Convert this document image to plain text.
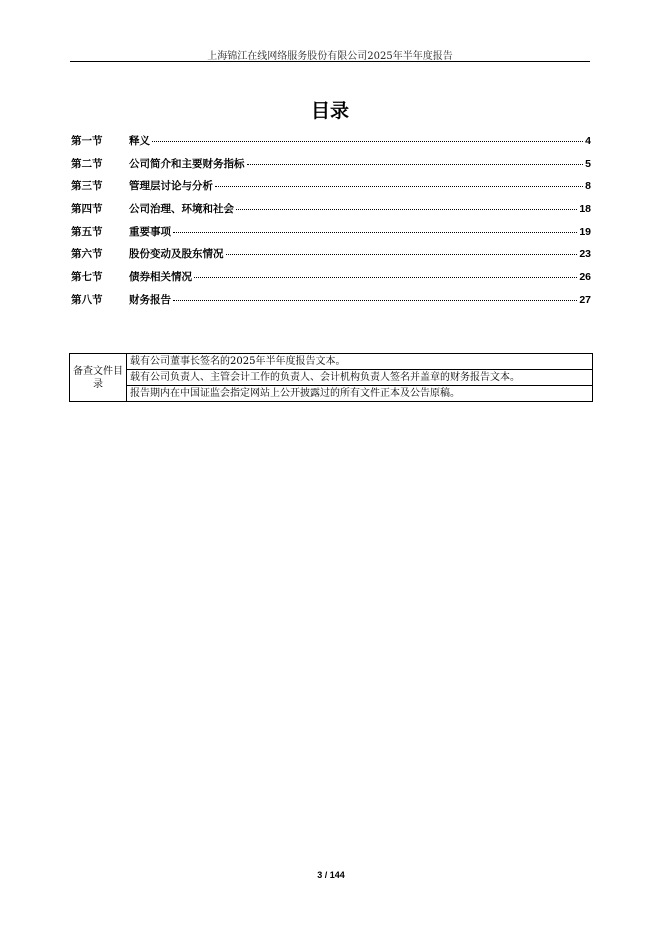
上海锦江在线网络服务股份有限公司2025年半年度报告
目录
第一节	释义	4
第二节	公司简介和主要财务指标	5
第三节	管理层讨论与分析	8
第四节	公司治理、环境和社会	18
第五节	重要事项	19
第六节	股份变动及股东情况	23
第七节	债券相关情况	26
第八节	财务报告	27
备查文件目录	载有公司董事长签名的2025年半年度报告文本。
载有公司负责人、主管会计工作的负责人、会计机构负责人签名并盖章的财务报告文本。
报告期内在中国证监会指定网站上公开披露过的所有文件正本及公告原稿。
3 / 144
